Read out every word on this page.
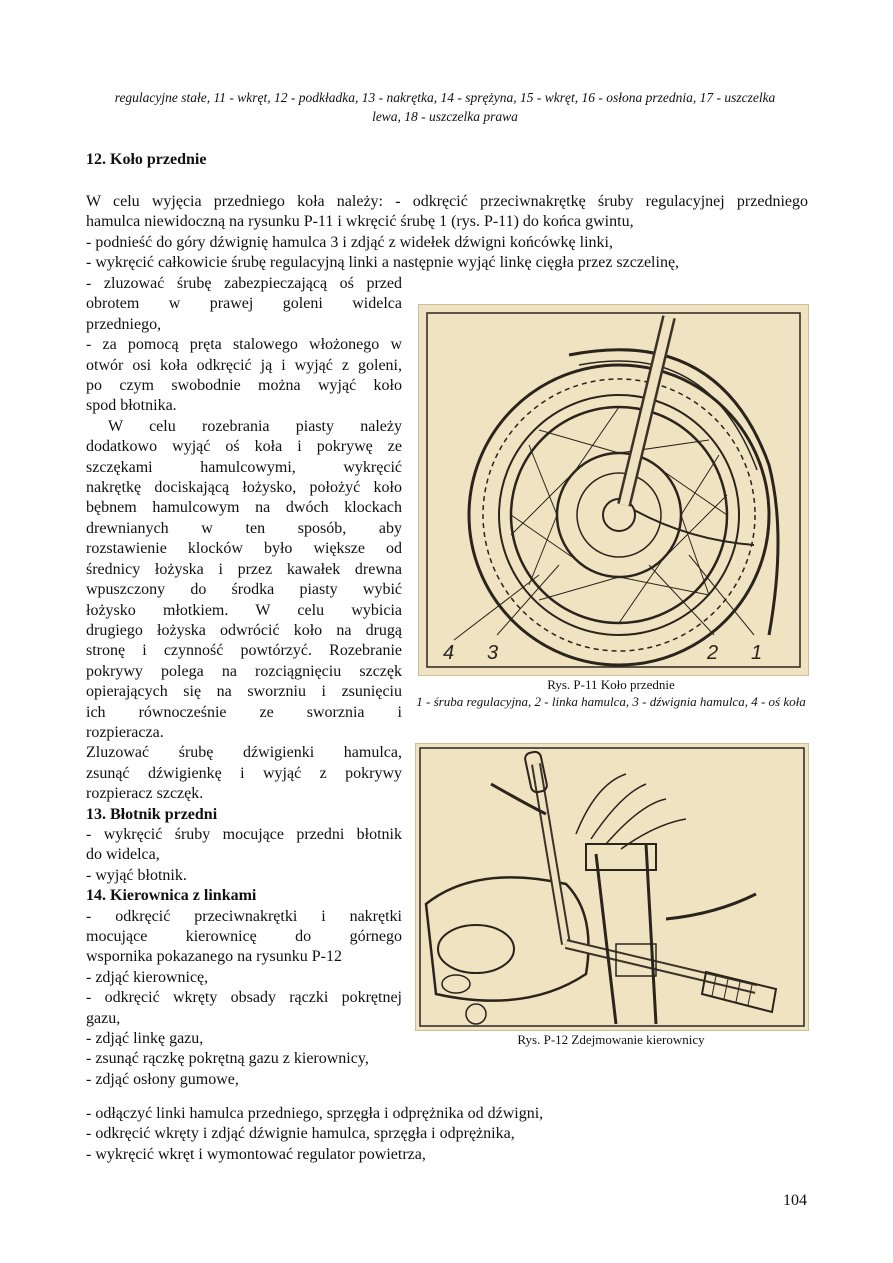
regulacyjne stałe, 11 - wkręt, 12 - podkładka, 13 - nakrętka, 14 - sprężyna, 15 - wkręt, 16 - osłona przednia, 17 - uszczelka lewa, 18 - uszczelka prawa
12. Koło przednie
W celu wyjęcia przedniego koła należy: - odkręcić przeciwnakrętkę śruby regulacyjnej przedniego
hamulca niewidoczną na rysunku P-11 i wkręcić śrubę 1 (rys. P-11) do końca gwintu,
- podnieść do góry dźwignię hamulca 3 i zdjąć z widełek dźwigni końcówkę linki,
- wykręcić całkowicie śrubę regulacyjną linki a następnie wyjąć linkę cięgła przez szczelinę,
- zluzować śrubę zabezpieczającą oś przed
obrotem w prawej goleni widelca
przedniego,
- za pomocą pręta stalowego włożonego w
otwór osi koła odkręcić ją i wyjąć z goleni,
po czym swobodnie można wyjąć koło
spod błotnika.
W celu rozebrania piasty należy
dodatkowo wyjąć oś koła i pokrywę ze
szczękami hamulcowymi, wykręcić
nakrętkę dociskającą łożysko, położyć koło
bębnem hamulcowym na dwóch klockach
drewnianych w ten sposób, aby
rozstawienie klocków było większe od
średnicy łożyska i przez kawałek drewna
wpuszczony do środka piasty wybić
łożysko młotkiem. W celu wybicia
drugiego łożyska odwrócić koło na drugą
stronę i czynność powtórzyć. Rozebranie
pokrywy polega na rozciągnięciu szczęk
opierających się na sworzniu i zsunięciu
ich równocześnie ze sworznia i
rozpieracza.
Zluzować śrubę dźwigienki hamulca,
zsunąć dźwigienkę i wyjąć z pokrywy
rozpieracz szczęk.
13. Błotnik przedni
- wykręcić śruby mocujące przedni błotnik
do widelca,
- wyjąć błotnik.
14. Kierownica z linkami
- odkręcić przeciwnakrętki i nakrętki
mocujące kierownicę do górnego
wspornika pokazanego na rysunku P-12
- zdjąć kierownicę,
- odkręcić wkręty obsady rączki pokrętnej
gazu,
- zdjąć linkę gazu,
- zsunąć rączkę pokrętną gazu z kierownicy,
- zdjąć osłony gumowe,
- odłączyć linki hamulca przedniego, sprzęgła i odprężnika od dźwigni,
- odkręcić wkręty i zdjąć dźwignie hamulca, sprzęgła i odprężnika,
- wykręcić wkręt i wymontować regulator powietrza,
4 3	2 1
Rys. P-11 Koło przednie
1 - śruba regulacyjna, 2 - linka hamulca, 3 - dźwignia hamulca, 4 - oś koła
Rys. P-12 Zdejmowanie kierownicy
104
